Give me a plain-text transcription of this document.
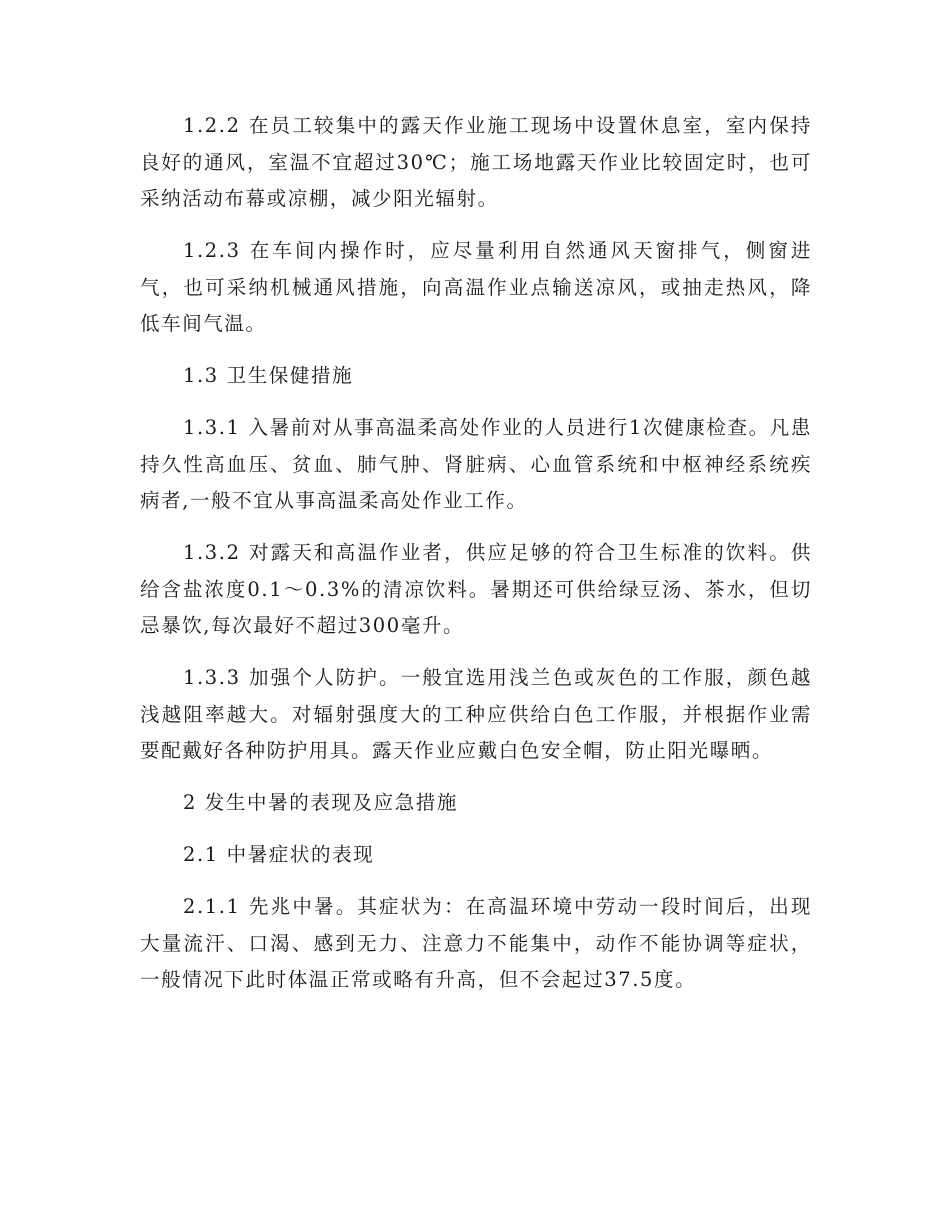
1.2.2 在员工较集中的露天作业施工现场中设置休息室，室内保持良好的通风，室温不宜超过30℃；施工场地露天作业比较固定时，也可采纳活动布幕或凉棚，减少阳光辐射。

1.2.3 在车间内操作时，应尽量利用自然通风天窗排气，侧窗进气，也可采纳机械通风措施，向高温作业点输送凉风，或抽走热风，降低车间气温。

1.3 卫生保健措施

1.3.1 入暑前对从事高温柔高处作业的人员进行1次健康检查。凡患持久性高血压、贫血、肺气肿、肾脏病、心血管系统和中枢神经系统疾病者,一般不宜从事高温柔高处作业工作。

1.3.2 对露天和高温作业者，供应足够的符合卫生标准的饮料。供给含盐浓度0.1～0.3%的清凉饮料。暑期还可供给绿豆汤、茶水，但切忌暴饮,每次最好不超过300毫升。

1.3.3 加强个人防护。一般宜选用浅兰色或灰色的工作服，颜色越浅越阻率越大。对辐射强度大的工种应供给白色工作服，并根据作业需要配戴好各种防护用具。露天作业应戴白色安全帽，防止阳光曝晒。

2 发生中暑的表现及应急措施

2.1 中暑症状的表现

2.1.1 先兆中暑。其症状为：在高温环境中劳动一段时间后，出现大量流汗、口渴、感到无力、注意力不能集中，动作不能协调等症状，一般情况下此时体温正常或略有升高，但不会起过37.5度。
